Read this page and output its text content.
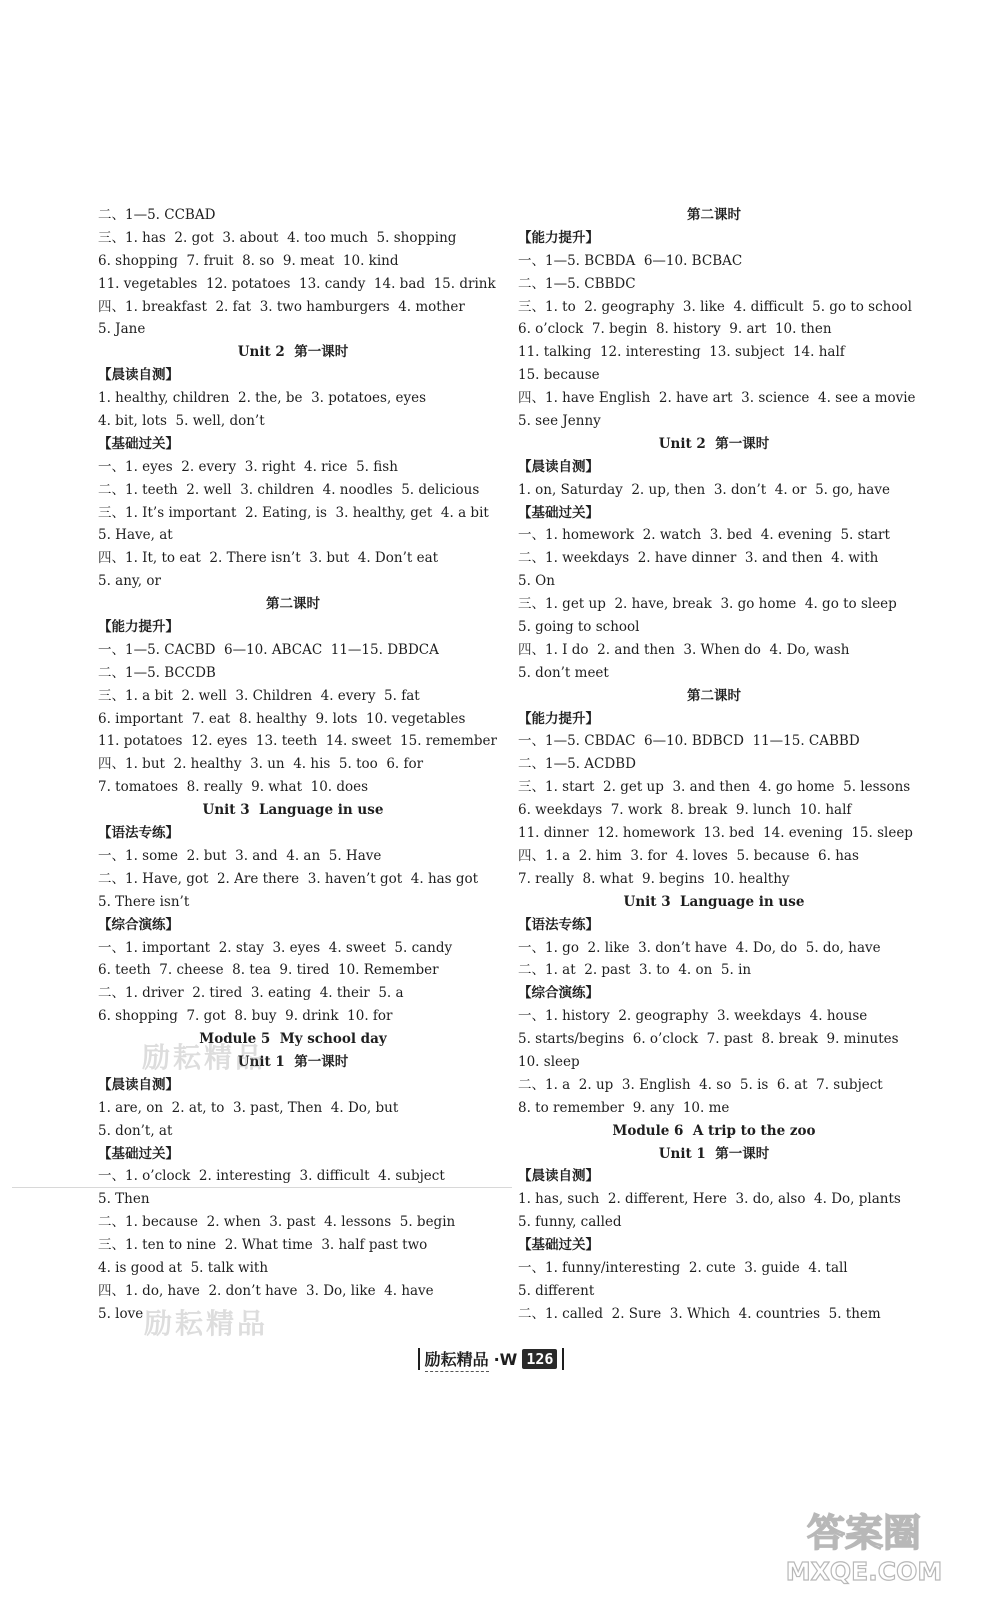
二、1—5. CCBAD
三、1. has  2. got  3. about  4. too much  5. shopping
6. shopping  7. fruit  8. so  9. meat  10. kind
11. vegetables  12. potatoes  13. candy  14. bad  15. drink
四、1. breakfast  2. fat  3. two hamburgers  4. mother
5. Jane
Unit 2  第一课时
【晨读自测】
1. healthy, children  2. the, be  3. potatoes, eyes
4. bit, lots  5. well, don’t
【基础过关】
一、1. eyes  2. every  3. right  4. rice  5. fish
二、1. teeth  2. well  3. children  4. noodles  5. delicious
三、1. It’s important  2. Eating, is  3. healthy, get  4. a bit
5. Have, at
四、1. It, to eat  2. There isn’t  3. but  4. Don’t eat
5. any, or
第二课时
【能力提升】
一、1—5. CACBD  6—10. ABCAC  11—15. DBDCA
二、1—5. BCCDB
三、1. a bit  2. well  3. Children  4. every  5. fat
6. important  7. eat  8. healthy  9. lots  10. vegetables
11. potatoes  12. eyes  13. teeth  14. sweet  15. remember
四、1. but  2. healthy  3. un  4. his  5. too  6. for
7. tomatoes  8. really  9. what  10. does
Unit 3  Language in use
【语法专练】
一、1. some  2. but  3. and  4. an  5. Have
二、1. Have, got  2. Are there  3. haven’t got  4. has got
5. There isn’t
【综合演练】
一、1. important  2. stay  3. eyes  4. sweet  5. candy
6. teeth  7. cheese  8. tea  9. tired  10. Remember
二、1. driver  2. tired  3. eating  4. their  5. a
6. shopping  7. got  8. buy  9. drink  10. for
Module 5  My school day
Unit 1  第一课时
【晨读自测】
1. are, on  2. at, to  3. past, Then  4. Do, but
5. don’t, at
【基础过关】
一、1. o’clock  2. interesting  3. difficult  4. subject
5. Then
二、1. because  2. when  3. past  4. lessons  5. begin
三、1. ten to nine  2. What time  3. half past two
4. is good at  5. talk with
四、1. do, have  2. don’t have  3. Do, like  4. have
5. love
第二课时
【能力提升】
一、1—5. BCBDA  6—10. BCBAC
二、1—5. CBBDC
三、1. to  2. geography  3. like  4. difficult  5. go to school
6. o’clock  7. begin  8. history  9. art  10. then
11. talking  12. interesting  13. subject  14. half
15. because
四、1. have English  2. have art  3. science  4. see a movie
5. see Jenny
Unit 2  第一课时
【晨读自测】
1. on, Saturday  2. up, then  3. don’t  4. or  5. go, have
【基础过关】
一、1. homework  2. watch  3. bed  4. evening  5. start
二、1. weekdays  2. have dinner  3. and then  4. with
5. On
三、1. get up  2. have, break  3. go home  4. go to sleep
5. going to school
四、1. I do  2. and then  3. When do  4. Do, wash
5. don’t meet
第二课时
【能力提升】
一、1—5. CBDAC  6—10. BDBCD  11—15. CABBD
二、1—5. ACDBD
三、1. start  2. get up  3. and then  4. go home  5. lessons
6. weekdays  7. work  8. break  9. lunch  10. half
11. dinner  12. homework  13. bed  14. evening  15. sleep
四、1. a  2. him  3. for  4. loves  5. because  6. has
7. really  8. what  9. begins  10. healthy
Unit 3  Language in use
【语法专练】
一、1. go  2. like  3. don’t have  4. Do, do  5. do, have
二、1. at  2. past  3. to  4. on  5. in
【综合演练】
一、1. history  2. geography  3. weekdays  4. house
5. starts/begins  6. o’clock  7. past  8. break  9. minutes
10. sleep
二、1. a  2. up  3. English  4. so  5. is  6. at  7. subject
8. to remember  9. any  10. me
Module 6  A trip to the zoo
Unit 1  第一课时
【晨读自测】
1. has, such  2. different, Here  3. do, also  4. Do, plants
5. funny, called
【基础过关】
一、1. funny/interesting  2. cute  3. guide  4. tall
5. different
二、1. called  2. Sure  3. Which  4. countries  5. them
励耘精品
励耘精品
励耘精品 ·W 126
答案圈
MXQE.COM
